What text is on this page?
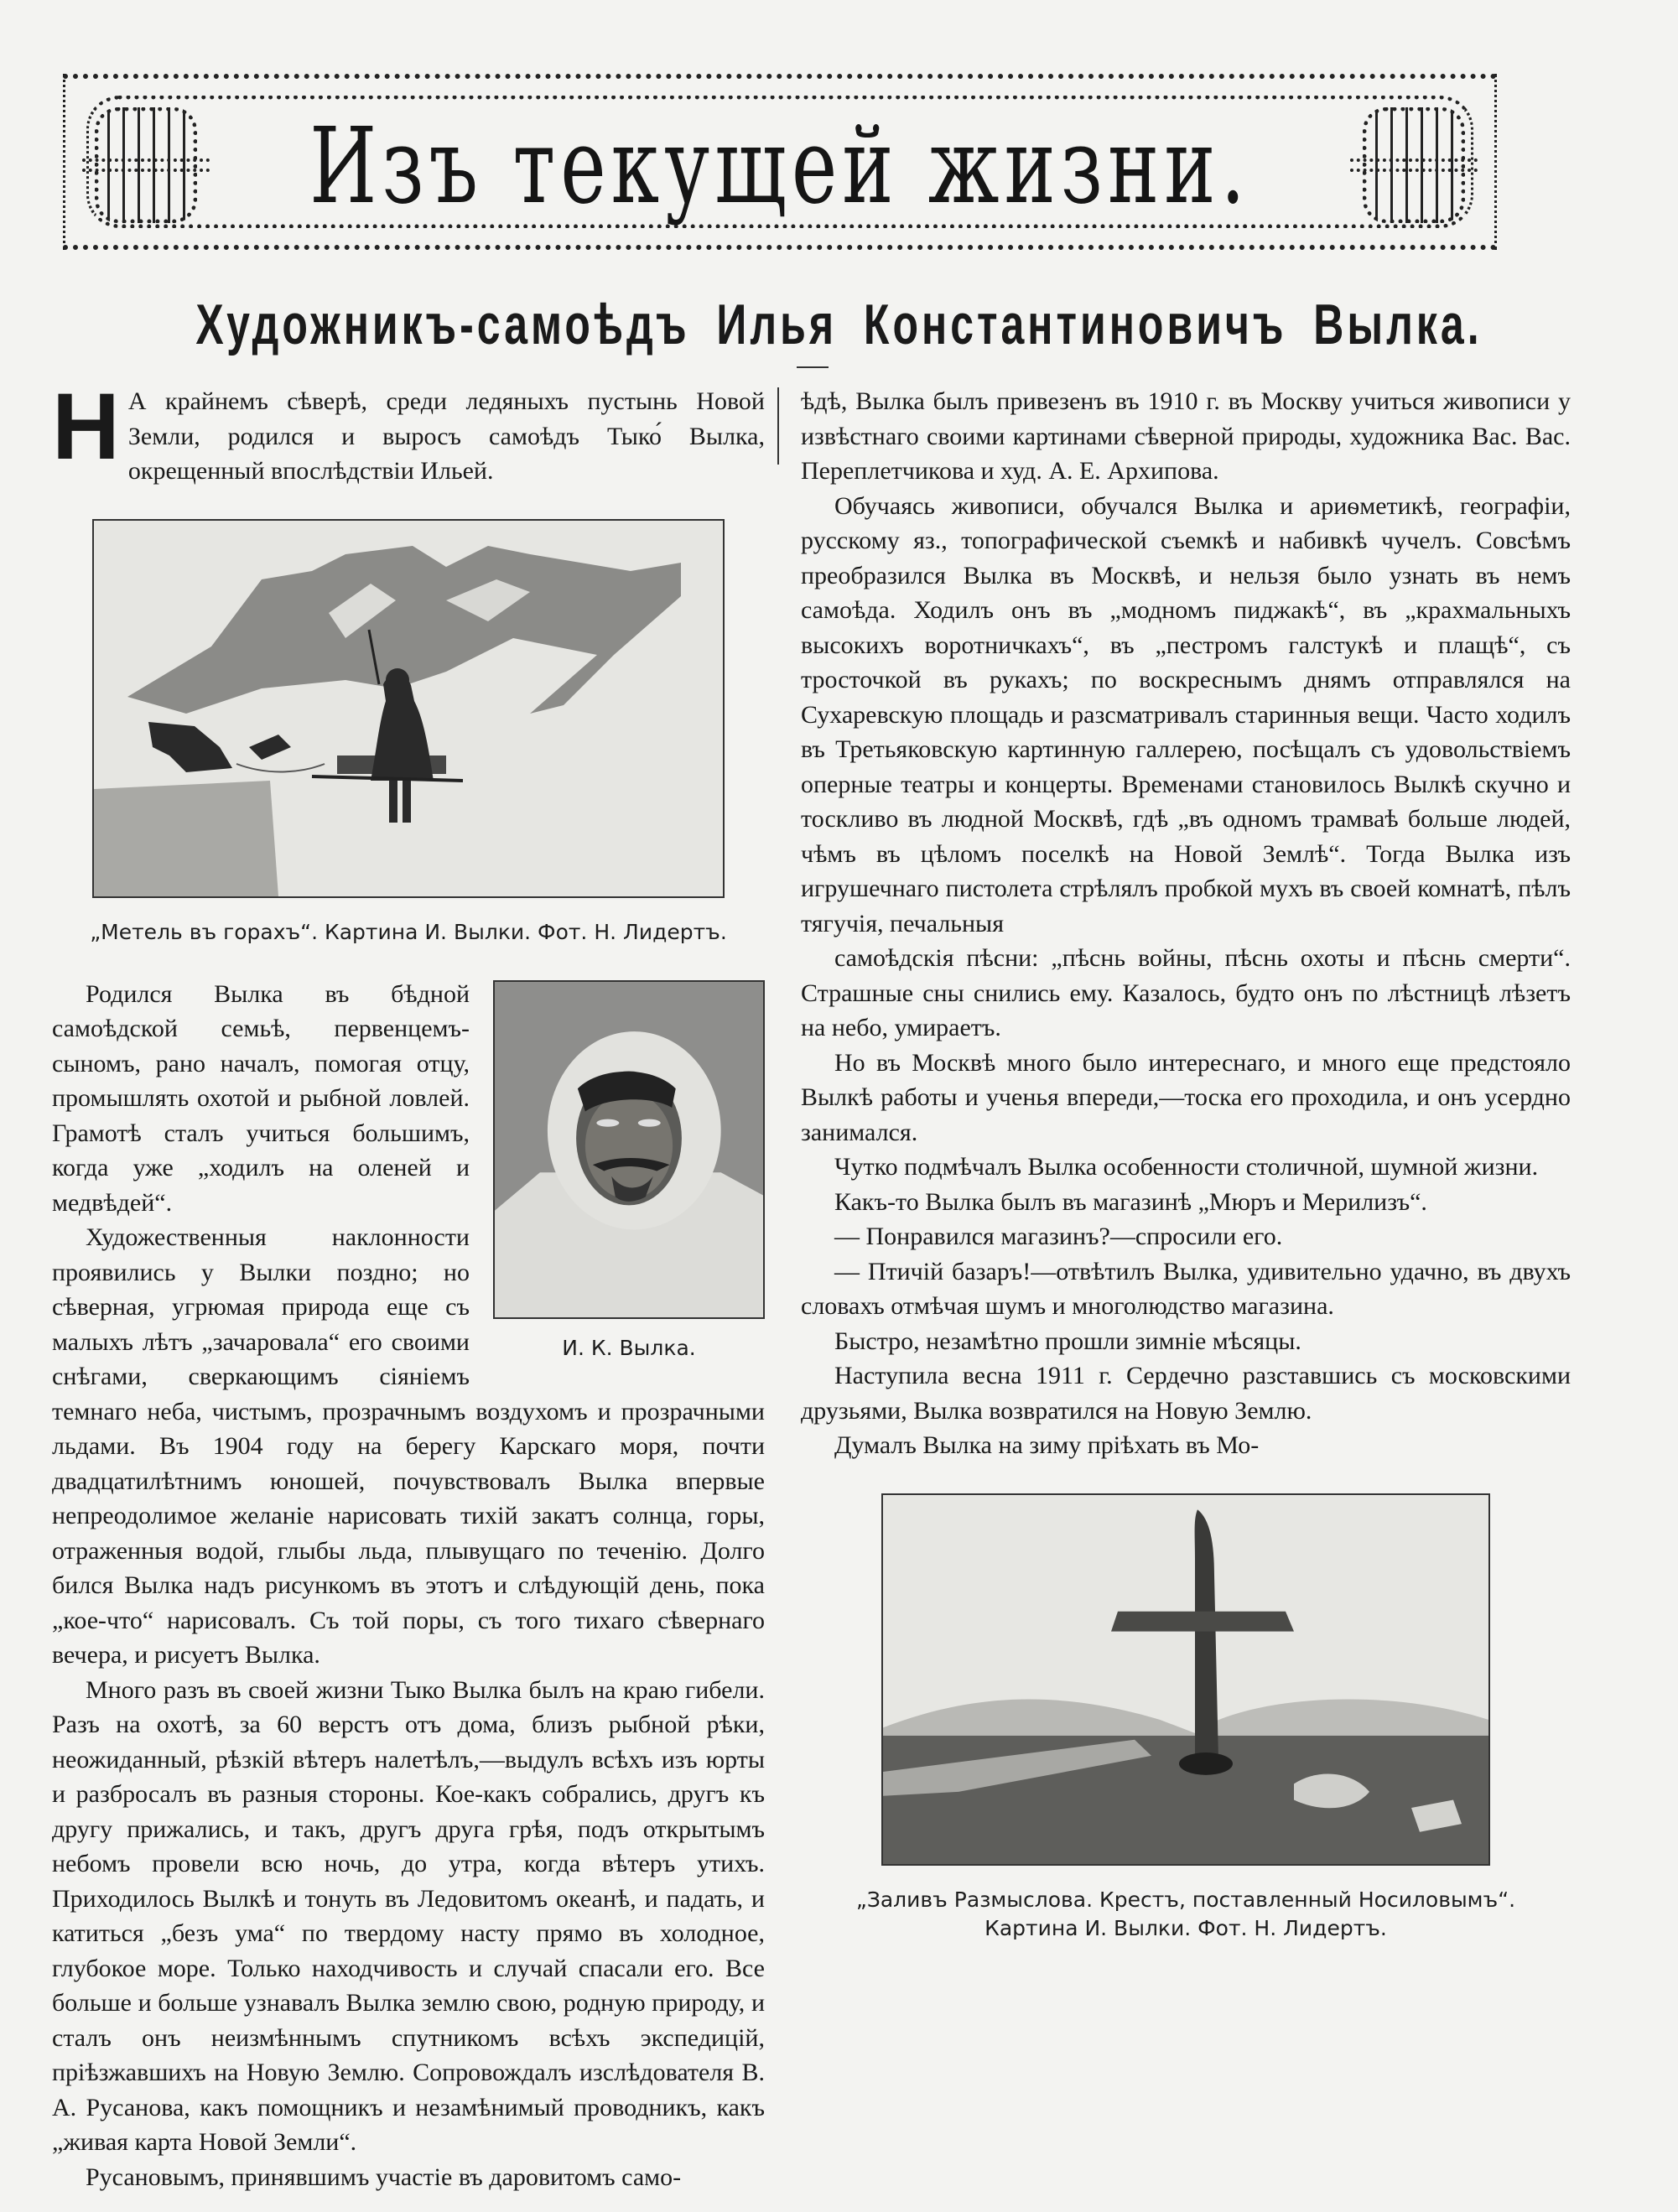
Изъ текущей жизни.
Художникъ-самоѣдъ Илья Константиновичъ Вылка.
Н А крайнемъ сѣверѣ, среди ледяныхъ пустынь Новой Земли, родился и выросъ самоѣдъ Тыко́ Вылка, окрещенный впослѣдствіи Ильей.
„Метель въ горахъ“. Картина И. Вылки. Фот. Н. Лидертъ.
И. К. Вылка.

Родился Вылка въ бѣдной самоѣдской семьѣ, первенцемъ-сыномъ, рано началъ, помогая отцу, промышлять охотой и рыбной ловлей. Грамотѣ сталъ учиться большимъ, когда уже „ходилъ на оленей и медвѣдей“.

Художественныя наклонности проявились у Вылки поздно; но сѣверная, угрюмая природа еще съ малыхъ лѣтъ „зачаровала“ его своими снѣгами, сверкающимъ сіяніемъ темнаго неба, чистымъ, прозрачнымъ воздухомъ и прозрачными льдами. Въ 1904 году на берегу Карскаго моря, почти двадцатилѣтнимъ юношей, почувствовалъ Вылка впервые непреодолимое желаніе нарисовать тихій закатъ солнца, горы, отраженныя водой, глыбы льда, плывущаго по теченію. Долго бился Вылка надъ рисункомъ въ этотъ и слѣдующій день, пока „кое-что“ нарисовалъ. Съ той поры, съ того тихаго сѣвернаго вечера, и рисуетъ Вылка.

Много разъ въ своей жизни Тыко Вылка былъ на краю гибели. Разъ на охотѣ, за 60 верстъ отъ дома, близъ рыбной рѣки, неожиданный, рѣзкій вѣтеръ налетѣлъ,—выдулъ всѣхъ изъ юрты и разбросалъ въ разныя стороны. Кое-какъ собрались, другъ къ другу прижались, и такъ, другъ друга грѣя, подъ открытымъ небомъ провели всю ночь, до утра, когда вѣтеръ утихъ. Приходилось Вылкѣ и тонуть въ Ледовитомъ океанѣ, и падать, и катиться „безъ ума“ по твердому насту прямо въ холодное, глубокое море. Только находчивость и случай спасали его. Все больше и больше узнавалъ Вылка землю свою, родную природу, и сталъ онъ неизмѣннымъ спутникомъ всѣхъ экспедицій, пріѣзжавшихъ на Новую Землю. Сопровождалъ изслѣдователя В. А. Русанова, какъ помощникъ и незамѣнимый проводникъ, какъ „живая карта Новой Земли“.

Русановымъ, принявшимъ участіе въ даровитомъ само-

ѣдѣ, Вылка былъ привезенъ въ 1910 г. въ Москву учиться живописи у извѣстнаго своими картинами сѣверной природы, художника Вас. Вас. Переплетчикова и худ. А. Е. Архипова.

Обучаясь живописи, обучался Вылка и ариѳметикѣ, географіи, русскому яз., топографической съемкѣ и набивкѣ чучелъ. Совсѣмъ преобразился Вылка въ Москвѣ, и нельзя было узнать въ немъ самоѣда. Ходилъ онъ въ „модномъ пиджакѣ“, въ „крахмальныхъ высокихъ воротничкахъ“, въ „пестромъ галстукѣ и плащѣ“, съ тросточкой въ рукахъ; по воскреснымъ днямъ отправлялся на Сухаревскую площадь и разсматривалъ старинныя вещи. Часто ходилъ въ Третьяковскую картинную галлерею, посѣщалъ съ удовольствіемъ оперные театры и концерты. Временами становилось Вылкѣ скучно и тоскливо въ людной Москвѣ, гдѣ „въ одномъ трамваѣ больше людей, чѣмъ въ цѣломъ поселкѣ на Новой Землѣ“. Тогда Вылка изъ игрушечнаго пистолета стрѣлялъ пробкой мухъ въ своей комнатѣ, пѣлъ тягучія, печальныя

самоѣдскія пѣсни: „пѣснь войны, пѣснь охоты и пѣснь смерти“. Страшные сны снились ему. Казалось, будто онъ по лѣстницѣ лѣзетъ на небо, умираетъ.

Но въ Москвѣ много было интереснаго, и много еще предстояло Вылкѣ работы и ученья впереди,—тоска его проходила, и онъ усердно занимался.

Чутко подмѣчалъ Вылка особенности столичной, шумной жизни.

Какъ-то Вылка былъ въ магазинѣ „Мюръ и Мерилизъ“.

— Понравился магазинъ?—спросили его.

— Птичій базаръ!—отвѣтилъ Вылка, удивительно удачно, въ двухъ словахъ отмѣчая шумъ и многолюдство магазина.

Быстро, незамѣтно прошли зимніе мѣсяцы.

Наступила весна 1911 г. Сердечно разставшись съ московскими друзьями, Вылка возвратился на Новую Землю.

Думалъ Вылка на зиму пріѣхать въ Мо-

„Заливъ Размыслова. Крестъ, поставленный Носиловымъ“.
Картина И. Вылки. Фот. Н. Лидертъ.
